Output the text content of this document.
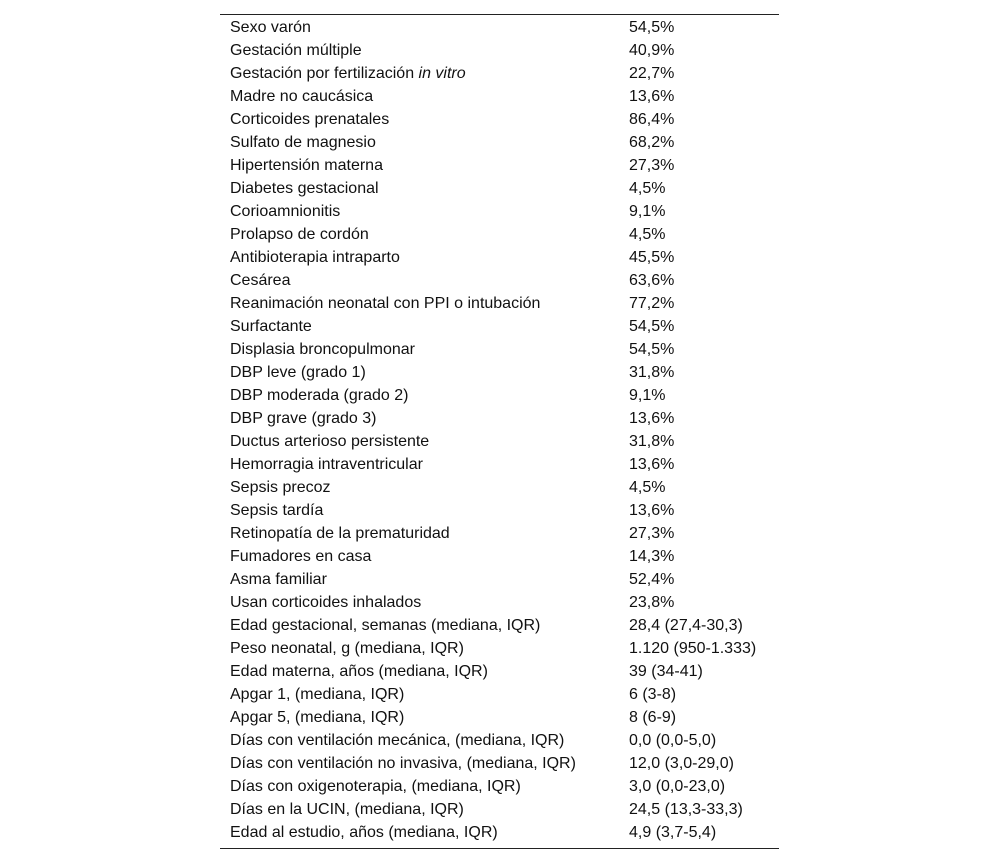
Sexo varón	54,5%
Gestación múltiple	40,9%
Gestación por fertilización in vitro	22,7%
Madre no caucásica	13,6%
Corticoides prenatales	86,4%
Sulfato de magnesio	68,2%
Hipertensión materna	27,3%
Diabetes gestacional	4,5%
Corioamnionitis	9,1%
Prolapso de cordón	4,5%
Antibioterapia intraparto	45,5%
Cesárea	63,6%
Reanimación neonatal con PPI o intubación	77,2%
Surfactante	54,5%
Displasia broncopulmonar	54,5%
DBP leve (grado 1)	31,8%
DBP moderada (grado 2)	9,1%
DBP grave (grado 3)	13,6%
Ductus arterioso persistente	31,8%
Hemorragia intraventricular	13,6%
Sepsis precoz	4,5%
Sepsis tardía	13,6%
Retinopatía de la prematuridad	27,3%
Fumadores en casa	14,3%
Asma familiar	52,4%
Usan corticoides inhalados	23,8%
Edad gestacional, semanas (mediana, IQR)	28,4 (27,4-30,3)
Peso neonatal, g (mediana, IQR)	1.120 (950-1.333)
Edad materna, años (mediana, IQR)	39 (34-41)
Apgar 1, (mediana, IQR)	6 (3-8)
Apgar 5, (mediana, IQR)	8 (6-9)
Días con ventilación mecánica, (mediana, IQR)	0,0 (0,0-5,0)
Días con ventilación no invasiva, (mediana, IQR)	12,0 (3,0-29,0)
Días con oxigenoterapia, (mediana, IQR)	3,0 (0,0-23,0)
Días en la UCIN, (mediana, IQR)	24,5 (13,3-33,3)
Edad al estudio, años (mediana, IQR)	4,9 (3,7-5,4)
